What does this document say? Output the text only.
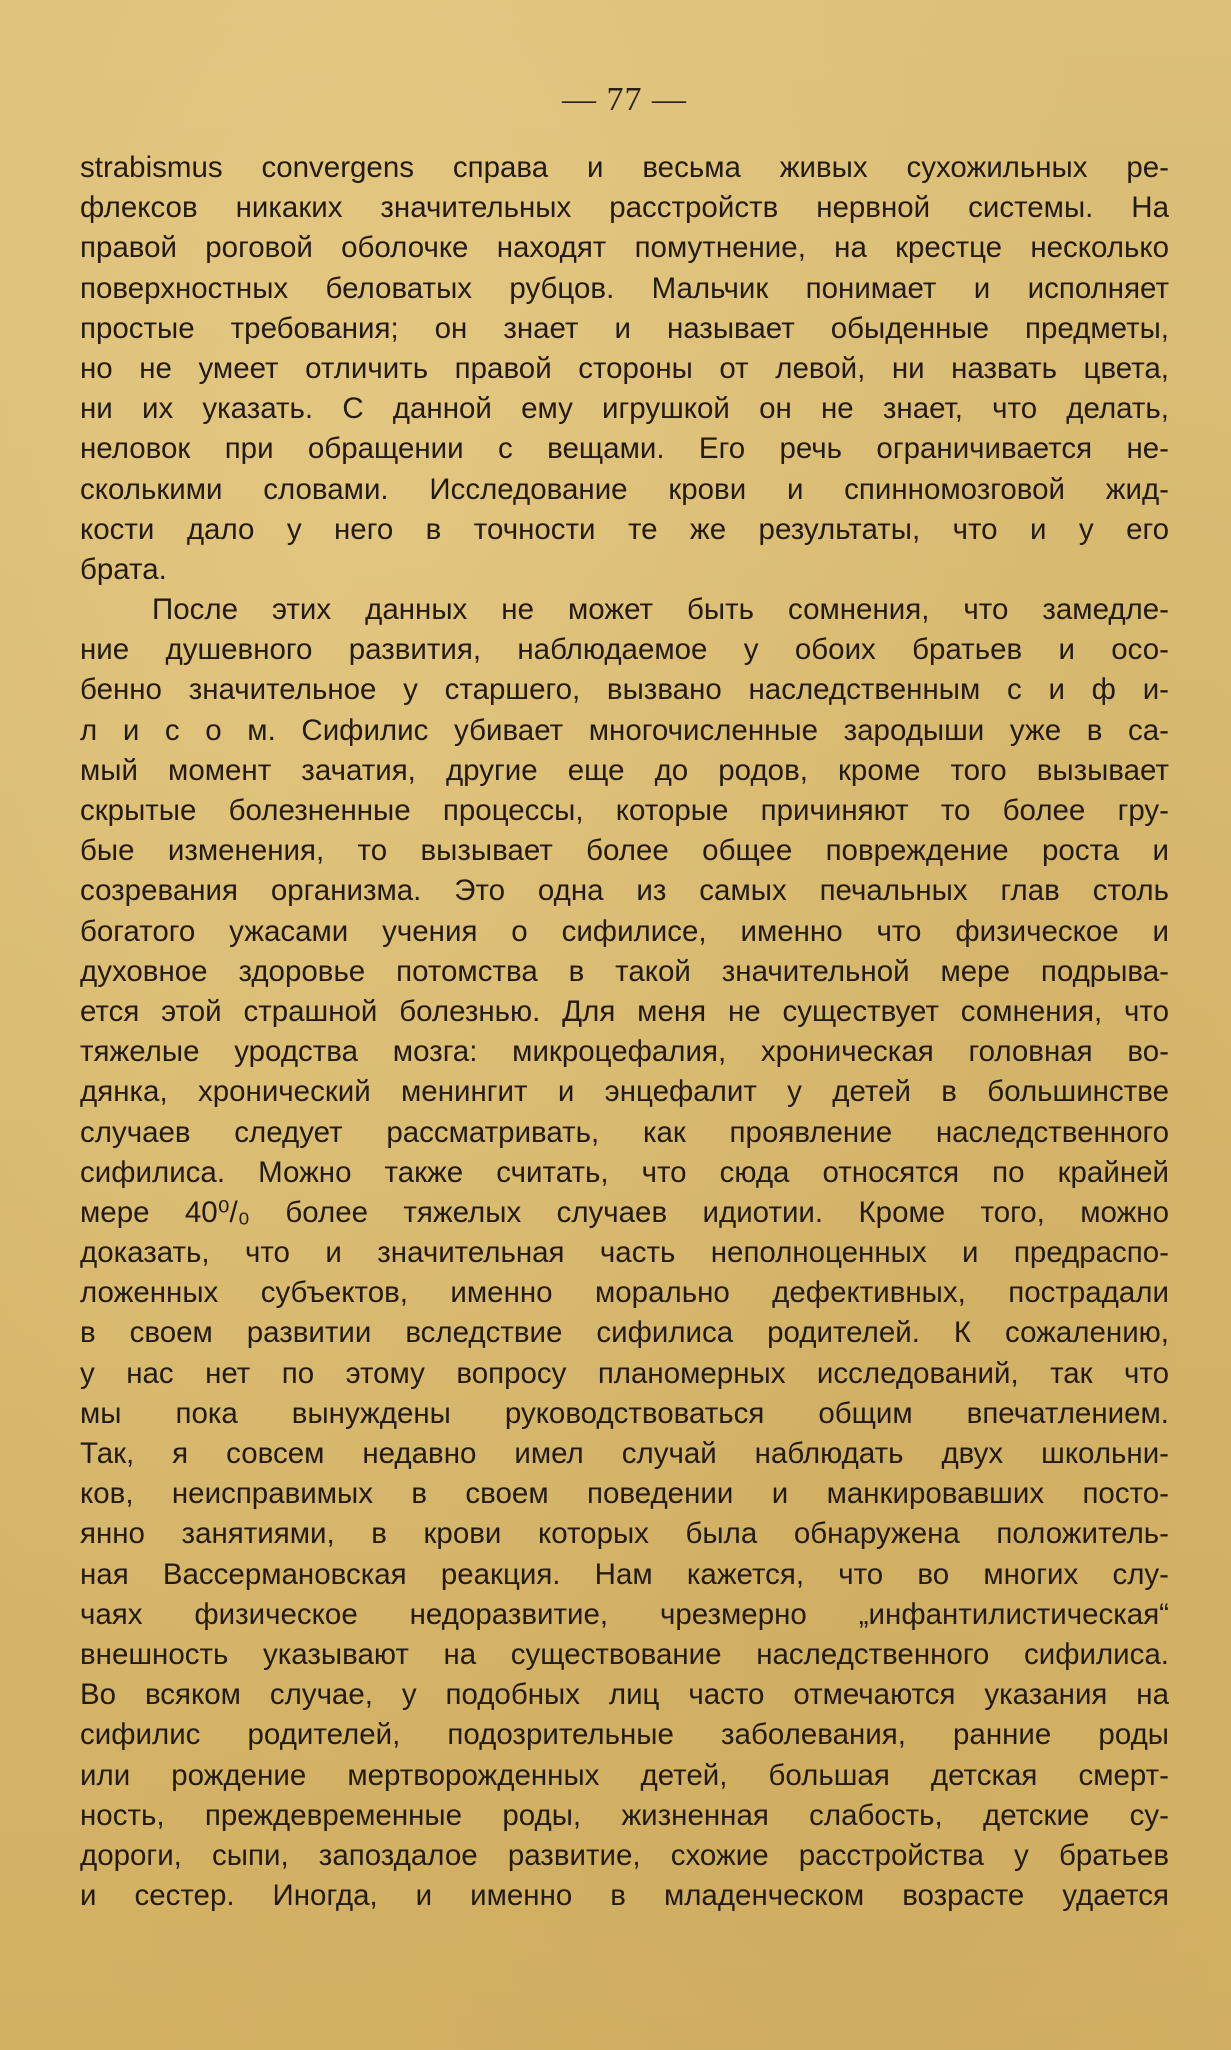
— 77 —
strabismus convergens справа и весьма живых сухожильных ре-
флексов никаких значительных расстройств нервной системы. На
правой роговой оболочке находят помутнение, на крестце несколько
поверхностных беловатых рубцов. Мальчик понимает и исполняет
простые требования; он знает и называет обыденные предметы,
но не умеет отличить правой стороны от левой, ни назвать цвета,
ни их указать. С данной ему игрушкой он не знает, что делать,
неловок при обращении с вещами. Его речь ограничивается не-
сколькими словами. Исследование крови и спинномозговой жид-
кости дало у него в точности те же результаты, что и у его
брата.
После этих данных не может быть сомнения, что замедле-
ние душевного развития, наблюдаемое у обоих братьев и осо-
бенно значительное у старшего, вызвано наследственным с и ф и-
л и с о м. Сифилис убивает многочисленные зародыши уже в са-
мый момент зачатия, другие еще до родов, кроме того вызывает
скрытые болезненные процессы, которые причиняют то более гру-
бые изменения, то вызывает более общее повреждение роста и
созревания организма. Это одна из самых печальных глав столь
богатого ужасами учения о сифилисе, именно что физическое и
духовное здоровье потомства в такой значительной мере подрыва-
ется этой страшной болезнью. Для меня не существует сомнения, что
тяжелые уродства мозга: микроцефалия, хроническая головная во-
дянка, хронический менингит и энцефалит у детей в большинстве
случаев следует рассматривать, как проявление наследственного
сифилиса. Можно также считать, что сюда относятся по крайней
мере 40⁰/₀ более тяжелых случаев идиотии. Кроме того, можно
доказать, что и значительная часть неполноценных и предраспо-
ложенных субъектов, именно морально дефективных, пострадали
в своем развитии вследствие сифилиса родителей. К сожалению,
у нас нет по этому вопросу планомерных исследований, так что
мы пока вынуждены руководствоваться общим впечатлением.
Так, я совсем недавно имел случай наблюдать двух школьни-
ков, неисправимых в своем поведении и манкировавших посто-
янно занятиями, в крови которых была обнаружена положитель-
ная Вассермановская реакция. Нам кажется, что во многих слу-
чаях физическое недоразвитие, чрезмерно „инфантилистическая“
внешность указывают на существование наследственного сифилиса.
Во всяком случае, у подобных лиц часто отмечаются указания на
сифилис родителей, подозрительные заболевания, ранние роды
или рождение мертворожденных детей, большая детская смерт-
ность, преждевременные роды, жизненная слабость, детские су-
дороги, сыпи, запоздалое развитие, схожие расстройства у братьев
и сестер. Иногда, и именно в младенческом возрасте удается
